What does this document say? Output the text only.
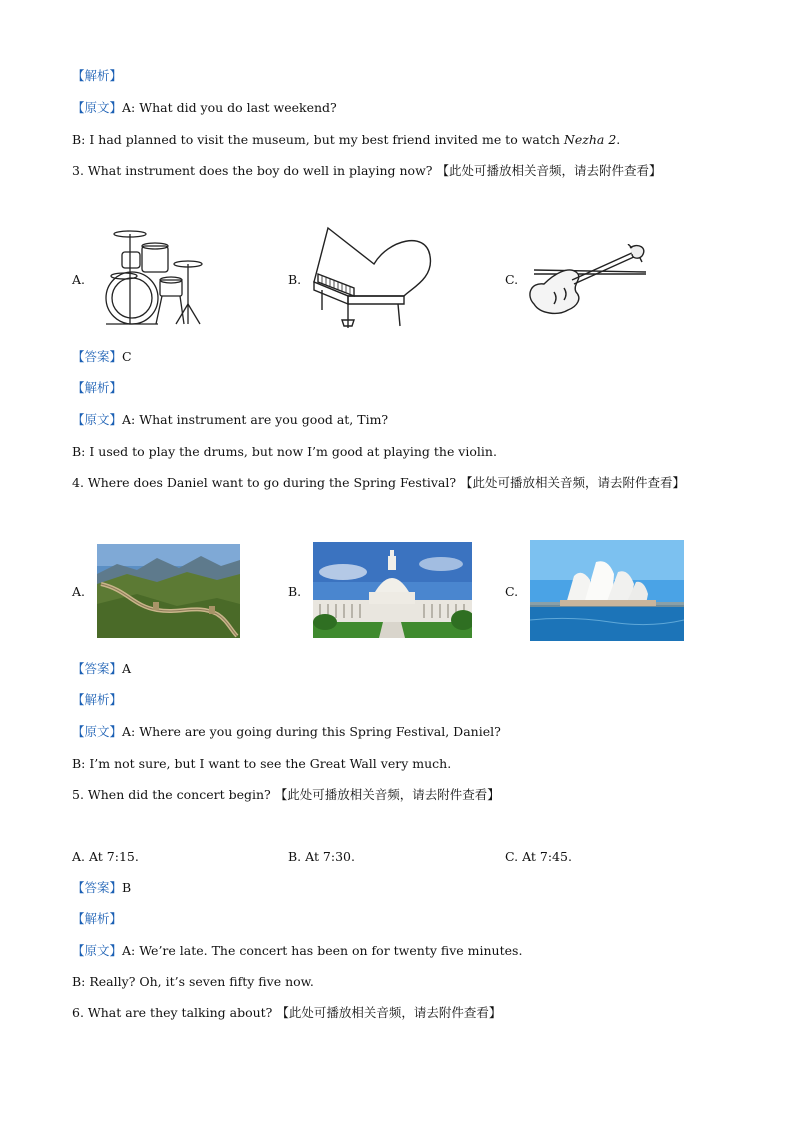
【解析】
【原文】A: What did you do last weekend?
B: I had planned to visit the museum, but my best friend invited me to watch Nezha 2.
3. What instrument does the boy do well in playing now? 【此处可播放相关音频，请去附件查看】
A.	B.	C.
【答案】C
【解析】
【原文】A: What instrument are you good at, Tim?
B: I used to play the drums, but now I’m good at playing the violin.
4. Where does Daniel want to go during the Spring Festival? 【此处可播放相关音频，请去附件查看】
A.	B.	C.
【答案】A
【解析】
【原文】A: Where are you going during this Spring Festival, Daniel?
B: I’m not sure, but I want to see the Great Wall very much.
5. When did the concert begin? 【此处可播放相关音频，请去附件查看】
A. At 7:15.	B. At 7:30.	C. At 7:45.
【答案】B
【解析】
【原文】A: We’re late. The concert has been on for twenty five minutes.
B: Really? Oh, it’s seven fifty five now.
6. What are they talking about? 【此处可播放相关音频，请去附件查看】
